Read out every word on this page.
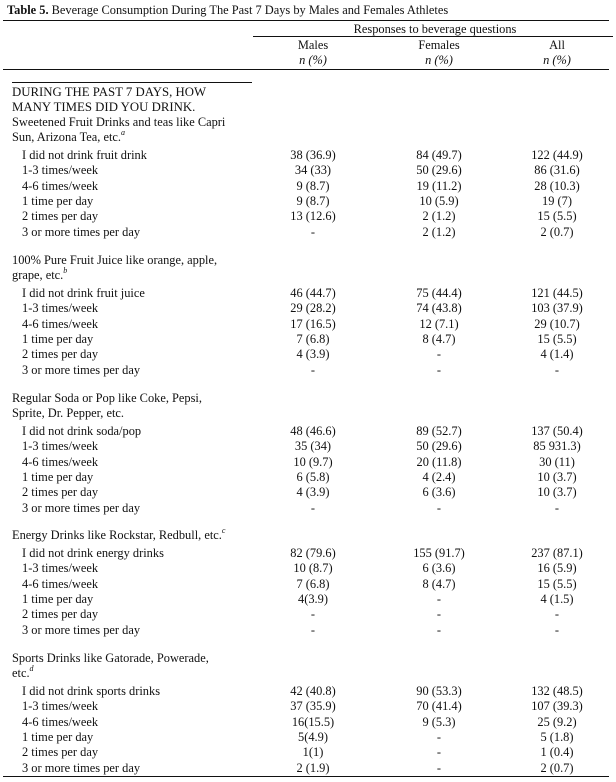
Table 5. Beverage Consumption During The Past 7 Days by Males and Females Athletes
Responses to beverage questions
Males	Females	All
n (%)	n (%)	n (%)
DURING THE PAST 7 DAYS, HOW
MANY TIMES DID YOU DRINK.
Sweetened Fruit Drinks and teas like Capri
Sun, Arizona Tea, etc.$^a$
I did not drink fruit drink	38 (36.9)	84 (49.7)	122 (44.9)
1-3 times/week	34 (33)	50 (29.6)	86 (31.6)
4-6 times/week	9 (8.7)	19 (11.2)	28 (10.3)
1 time per day	9 (8.7)	10 (5.9)	19 (7)
2 times per day	13 (12.6)	2 (1.2)	15 (5.5)
3 or more times per day	-	2 (1.2)	2 (0.7)
100% Pure Fruit Juice like orange, apple,
grape, etc.$^b$
I did not drink fruit juice	46 (44.7)	75 (44.4)	121 (44.5)
1-3 times/week	29 (28.2)	74 (43.8)	103 (37.9)
4-6 times/week	17 (16.5)	12 (7.1)	29 (10.7)
1 time per day	7 (6.8)	8 (4.7)	15 (5.5)
2 times per day	4 (3.9)	-	4 (1.4)
3 or more times per day	-	-	-
Regular Soda or Pop like Coke, Pepsi,
Sprite, Dr. Pepper, etc.
I did not drink soda/pop	48 (46.6)	89 (52.7)	137 (50.4)
1-3 times/week	35 (34)	50 (29.6)	85 931.3)
4-6 times/week	10 (9.7)	20 (11.8)	30 (11)
1 time per day	6 (5.8)	4 (2.4)	10 (3.7)
2 times per day	4 (3.9)	6 (3.6)	10 (3.7)
3 or more times per day	-	-	-
Energy Drinks like Rockstar, Redbull, etc.$^c$
I did not drink energy drinks	82 (79.6)	155 (91.7)	237 (87.1)
1-3 times/week	10 (8.7)	6 (3.6)	16 (5.9)
4-6 times/week	7 (6.8)	8 (4.7)	15 (5.5)
1 time per day	4(3.9)	-	4 (1.5)
2 times per day	-	-	-
3 or more times per day	-	-	-
Sports Drinks like Gatorade, Powerade,
etc.$^d$
I did not drink sports drinks	42 (40.8)	90 (53.3)	132 (48.5)
1-3 times/week	37 (35.9)	70 (41.4)	107 (39.3)
4-6 times/week	16(15.5)	9 (5.3)	25 (9.2)
1 time per day	5(4.9)	-	5 (1.8)
2 times per day	1(1)	-	1 (0.4)
3 or more times per day	2 (1.9)	-	2 (0.7)
